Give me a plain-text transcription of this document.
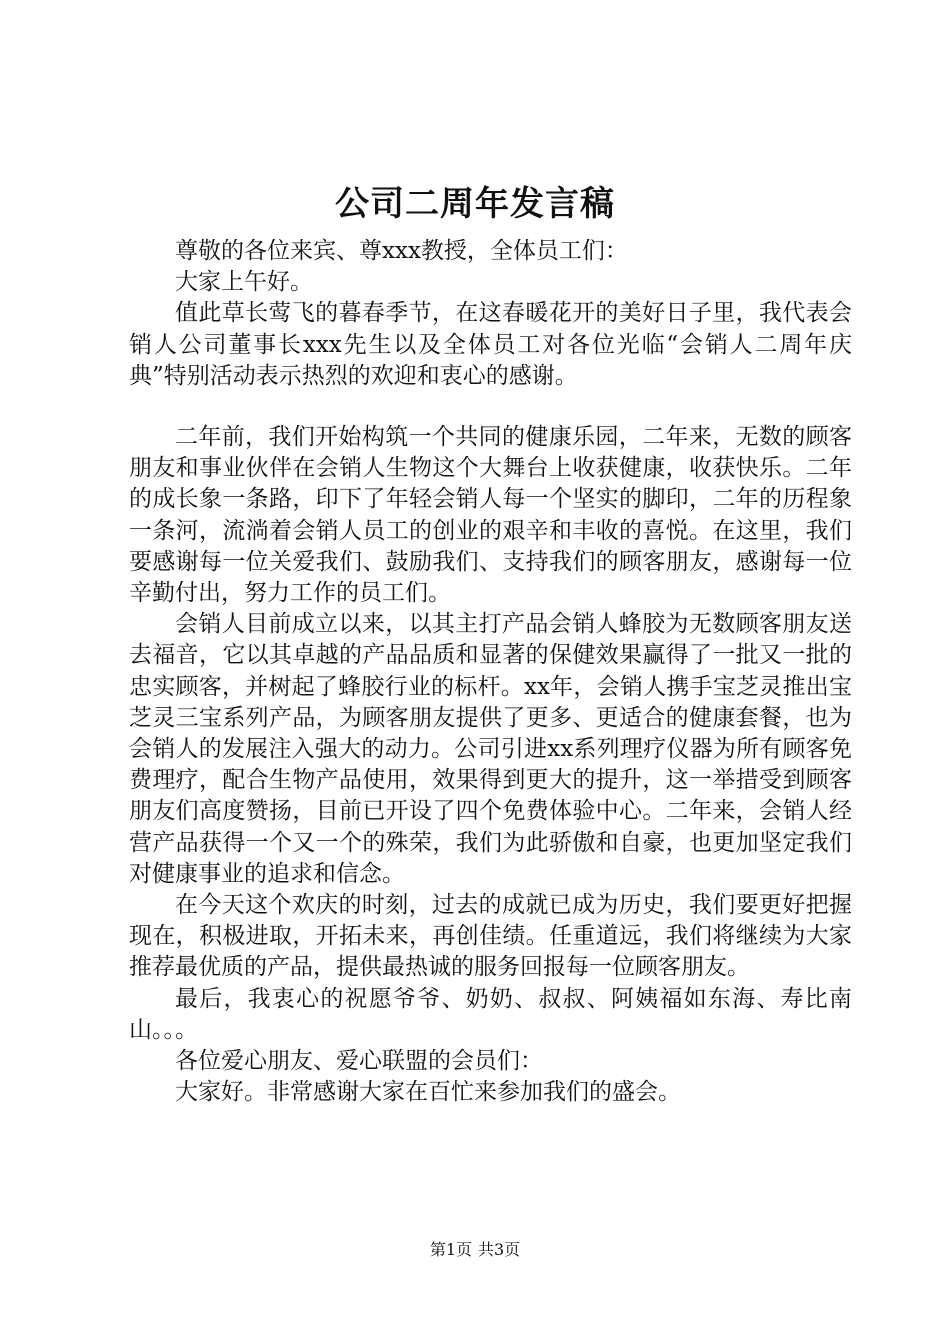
公司二周年发言稿

尊敬的各位来宾、尊xxx教授，全体员工们：

大家上午好。

值此草长莺飞的暮春季节，在这春暖花开的美好日子里，我代表会销人公司董事长xxx先生以及全体员工对各位光临“会销人二周年庆典”特别活动表示热烈的欢迎和衷心的感谢。

二年前，我们开始构筑一个共同的健康乐园，二年来，无数的顾客朋友和事业伙伴在会销人生物这个大舞台上收获健康，收获快乐。二年的成长象一条路，印下了年轻会销人每一个坚实的脚印，二年的历程象一条河，流淌着会销人员工的创业的艰辛和丰收的喜悦。在这里，我们要感谢每一位关爱我们、鼓励我们、支持我们的顾客朋友，感谢每一位辛勤付出，努力工作的员工们。

会销人目前成立以来，以其主打产品会销人蜂胶为无数顾客朋友送去福音，它以其卓越的产品品质和显著的保健效果赢得了一批又一批的忠实顾客，并树起了蜂胶行业的标杆。xx年，会销人携手宝芝灵推出宝芝灵三宝系列产品，为顾客朋友提供了更多、更适合的健康套餐，也为会销人的发展注入强大的动力。公司引进xx系列理疗仪器为所有顾客免费理疗，配合生物产品使用，效果得到更大的提升，这一举措受到顾客朋友们高度赞扬，目前已开设了四个免费体验中心。二年来，会销人经营产品获得一个又一个的殊荣，我们为此骄傲和自豪，也更加坚定我们对健康事业的追求和信念。

在今天这个欢庆的时刻，过去的成就已成为历史，我们要更好把握现在，积极进取，开拓未来，再创佳绩。任重道远，我们将继续为大家推荐最优质的产品，提供最热诚的服务回报每一位顾客朋友。

最后，我衷心的祝愿爷爷、奶奶、叔叔、阿姨福如东海、寿比南山。。。

各位爱心朋友、爱心联盟的会员们：

大家好。非常感谢大家在百忙来参加我们的盛会。

第1页 共3页
